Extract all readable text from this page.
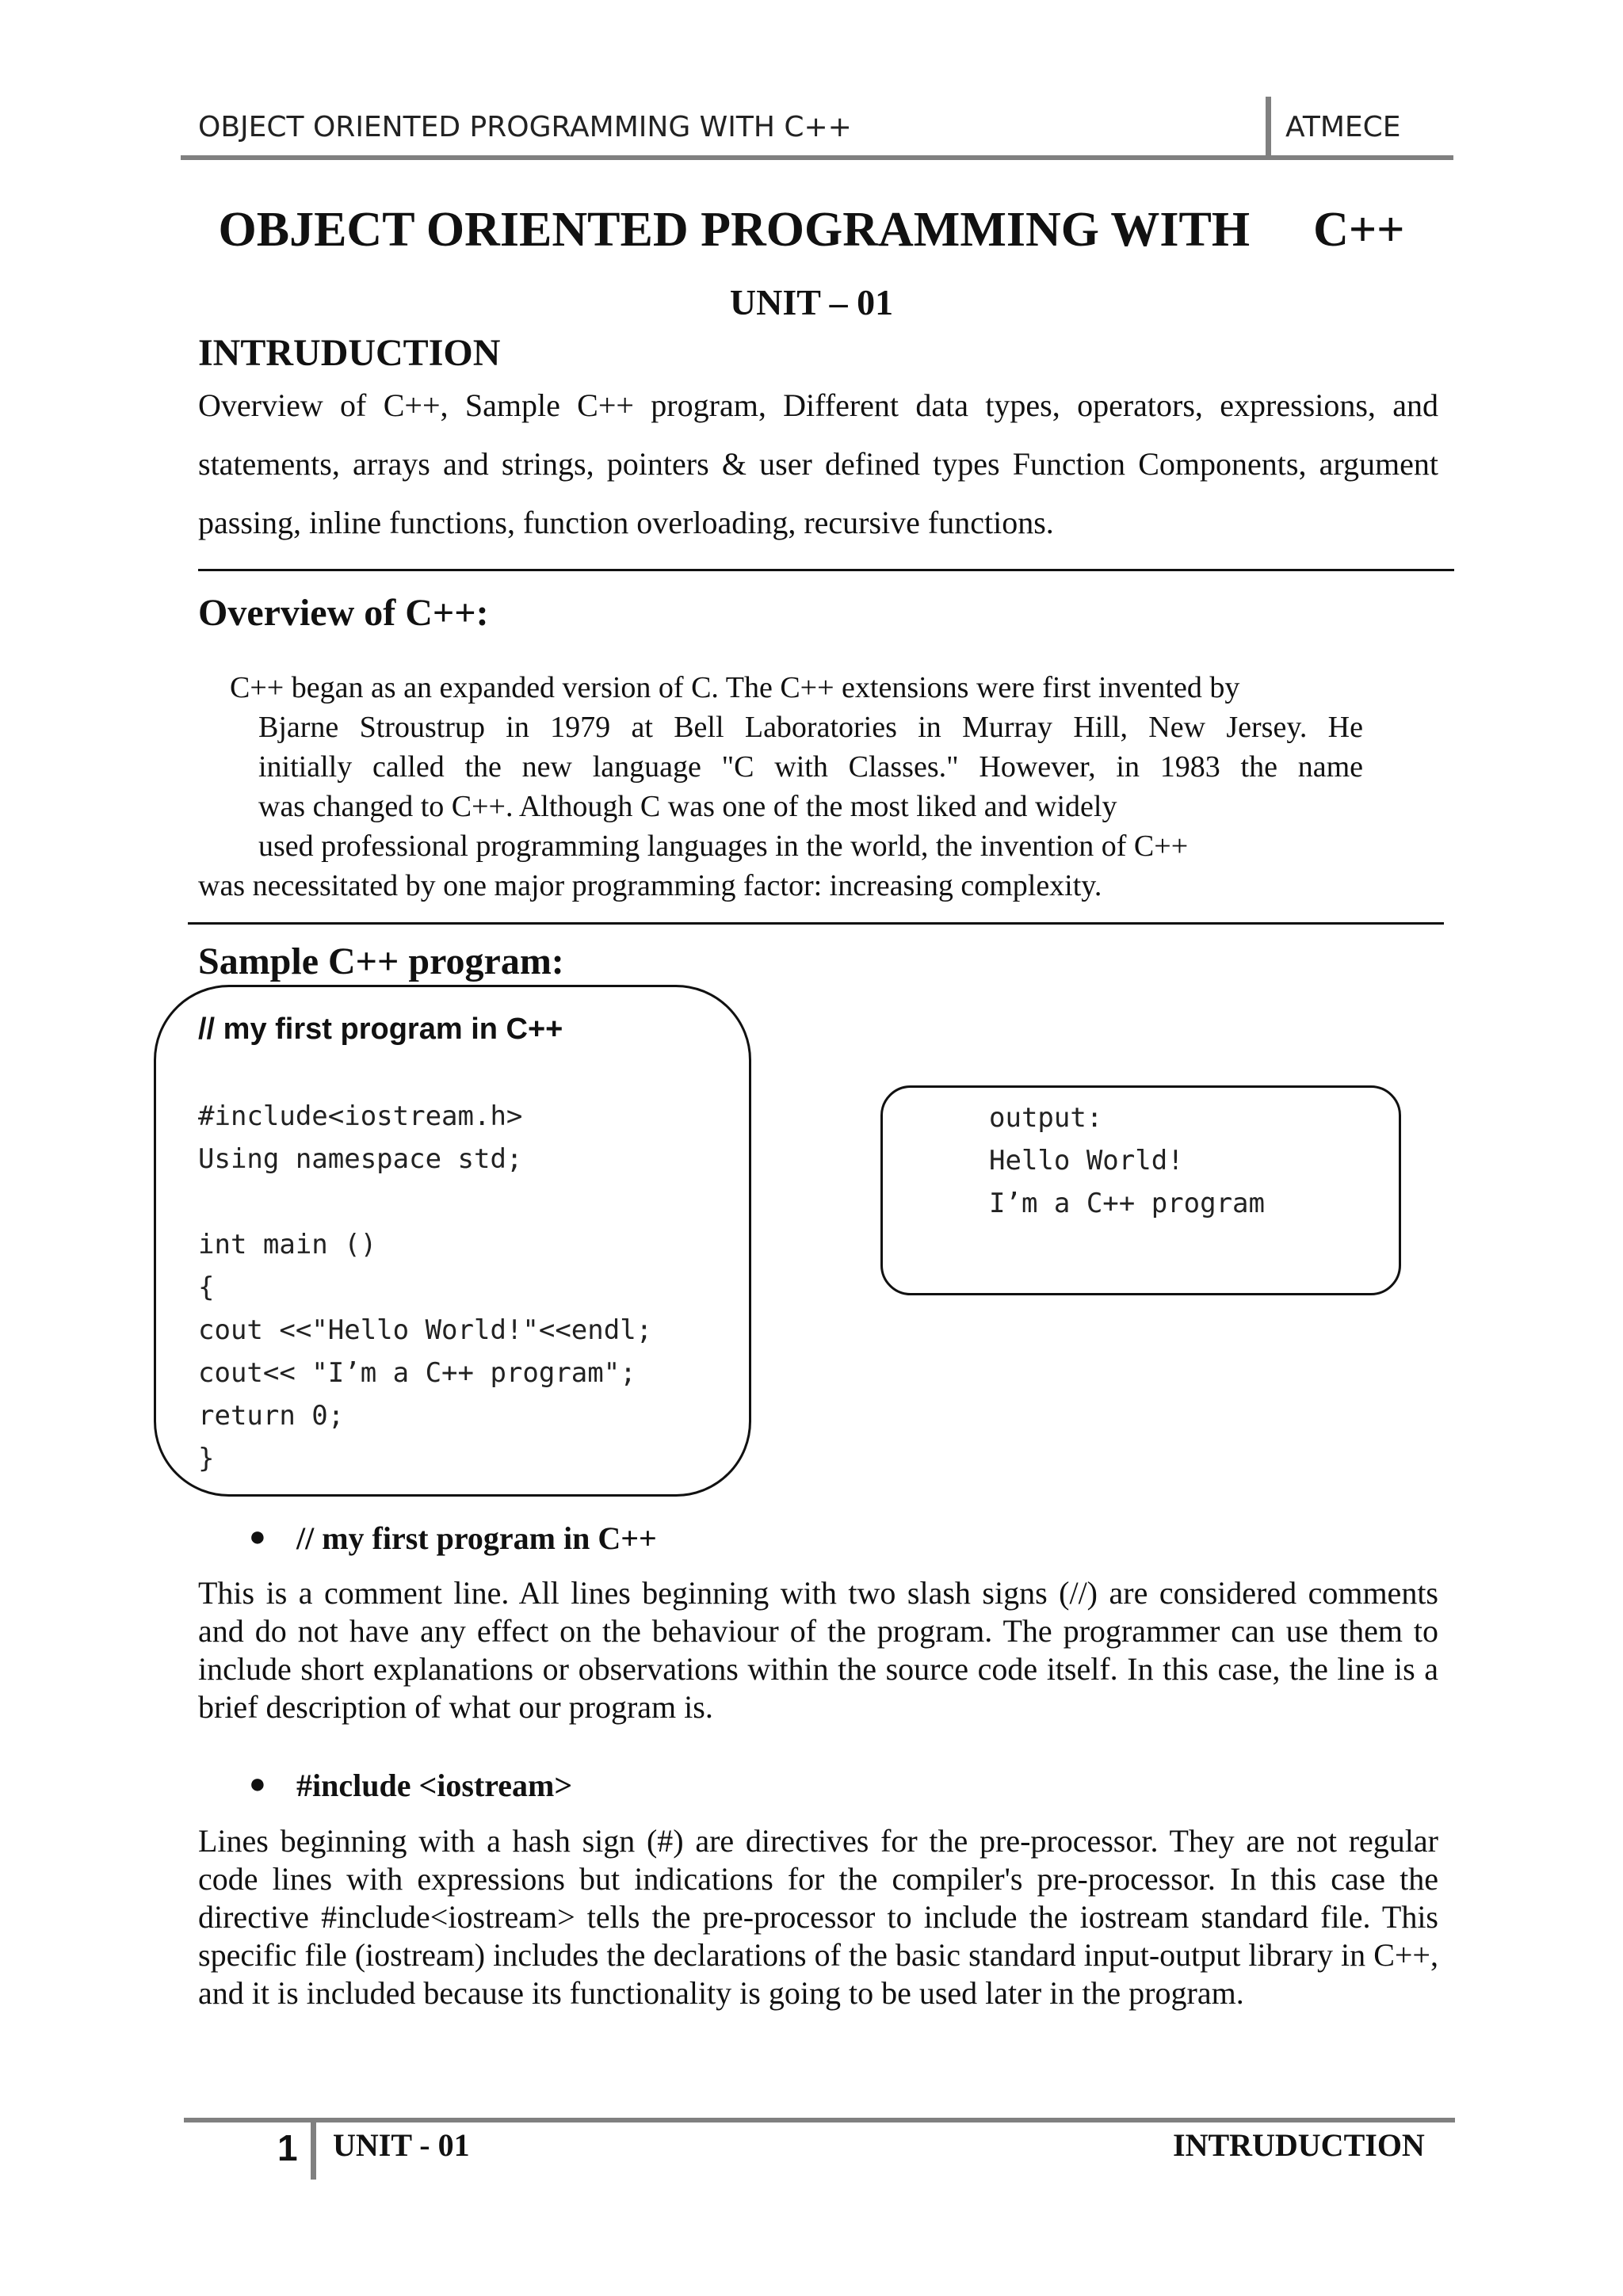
OBJECT ORIENTED PROGRAMMING WITH C++	ATMECE
OBJECT ORIENTED PROGRAMMING WITH C++
UNIT – 01
INTRUDUCTION
Overview of C++, Sample C++ program, Different data types, operators, expressions, and statements, arrays and strings, pointers & user defined types Function Components, argument passing, inline functions, function overloading, recursive functions.
Overview of C++:
C++ began as an expanded version of C. The C++ extensions were first invented by
Bjarne Stroustrup in 1979 at Bell Laboratories in Murray Hill, New Jersey. He
initially called the new language "C with Classes." However, in 1983 the name
was changed to C++. Although C was one of the most liked and widely
used professional programming languages in the world, the invention of C++
was necessitated by one major programming factor: increasing complexity.
Sample C++ program:
// my first program in C++
#include<iostream.h>
Using namespace std;
int main ()
{
cout <<"Hello World!"<<endl;
cout<< "I’m a C++ program";
return 0;
}
output:
Hello World!
I’m a C++ program
● // my first program in C++
This is a comment line. All lines beginning with two slash signs (//) are considered comments and do not have any effect on the behaviour of the program. The programmer can use them to include short explanations or observations within the source code itself. In this case, the line is a brief description of what our program is.
● #include <iostream>
Lines beginning with a hash sign (#) are directives for the pre-processor. They are not regular code lines with expressions but indications for the compiler's pre-processor. In this case the directive #include<iostream> tells the pre-processor to include the iostream standard file. This specific file (iostream) includes the declarations of the basic standard input-output library in C++, and it is included because its functionality is going to be used later in the program.
1 UNIT - 01	INTRUDUCTION
